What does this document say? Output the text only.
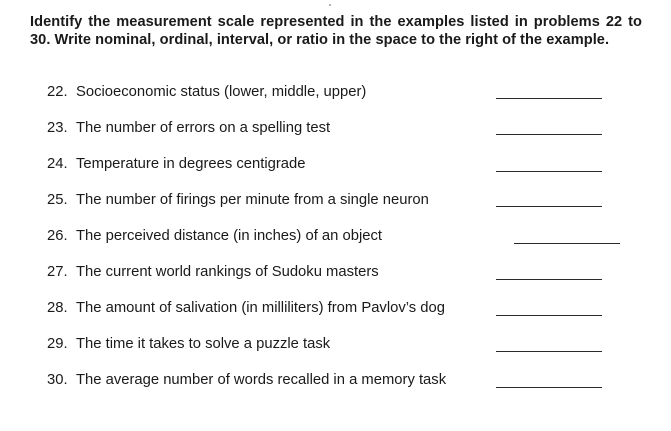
Identify the measurement scale represented in the examples listed in problems 22 to 30. Write nominal, ordinal, interval, or ratio in the space to the right of the example.
22. Socioeconomic status (lower, middle, upper)
23. The number of errors on a spelling test
24. Temperature in degrees centigrade
25. The number of firings per minute from a single neuron
26. The perceived distance (in inches) of an object
27. The current world rankings of Sudoku masters
28. The amount of salivation (in milliliters) from Pavlov’s dog
29. The time it takes to solve a puzzle task
30. The average number of words recalled in a memory task
